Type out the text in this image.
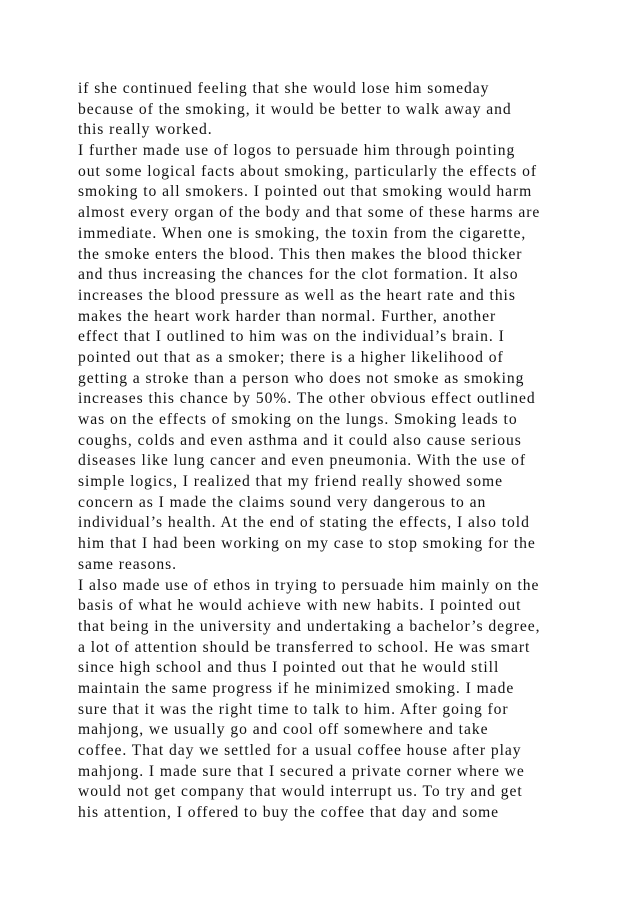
if she continued feeling that she would lose him someday
because of the smoking, it would be better to walk away and
this really worked.
I further made use of logos to persuade him through pointing
out some logical facts about smoking, particularly the effects of
smoking to all smokers. I pointed out that smoking would harm
almost every organ of the body and that some of these harms are
immediate. When one is smoking, the toxin from the cigarette,
the smoke enters the blood. This then makes the blood thicker
and thus increasing the chances for the clot formation. It also
increases the blood pressure as well as the heart rate and this
makes the heart work harder than normal. Further, another
effect that I outlined to him was on the individual’s brain. I
pointed out that as a smoker; there is a higher likelihood of
getting a stroke than a person who does not smoke as smoking
increases this chance by 50%. The other obvious effect outlined
was on the effects of smoking on the lungs. Smoking leads to
coughs, colds and even asthma and it could also cause serious
diseases like lung cancer and even pneumonia. With the use of
simple logics, I realized that my friend really showed some
concern as I made the claims sound very dangerous to an
individual’s health. At the end of stating the effects, I also told
him that I had been working on my case to stop smoking for the
same reasons.
I also made use of ethos in trying to persuade him mainly on the
basis of what he would achieve with new habits. I pointed out
that being in the university and undertaking a bachelor’s degree,
a lot of attention should be transferred to school. He was smart
since high school and thus I pointed out that he would still
maintain the same progress if he minimized smoking. I made
sure that it was the right time to talk to him. After going for
mahjong, we usually go and cool off somewhere and take
coffee. That day we settled for a usual coffee house after play
mahjong. I made sure that I secured a private corner where we
would not get company that would interrupt us. To try and get
his attention, I offered to buy the coffee that day and some
